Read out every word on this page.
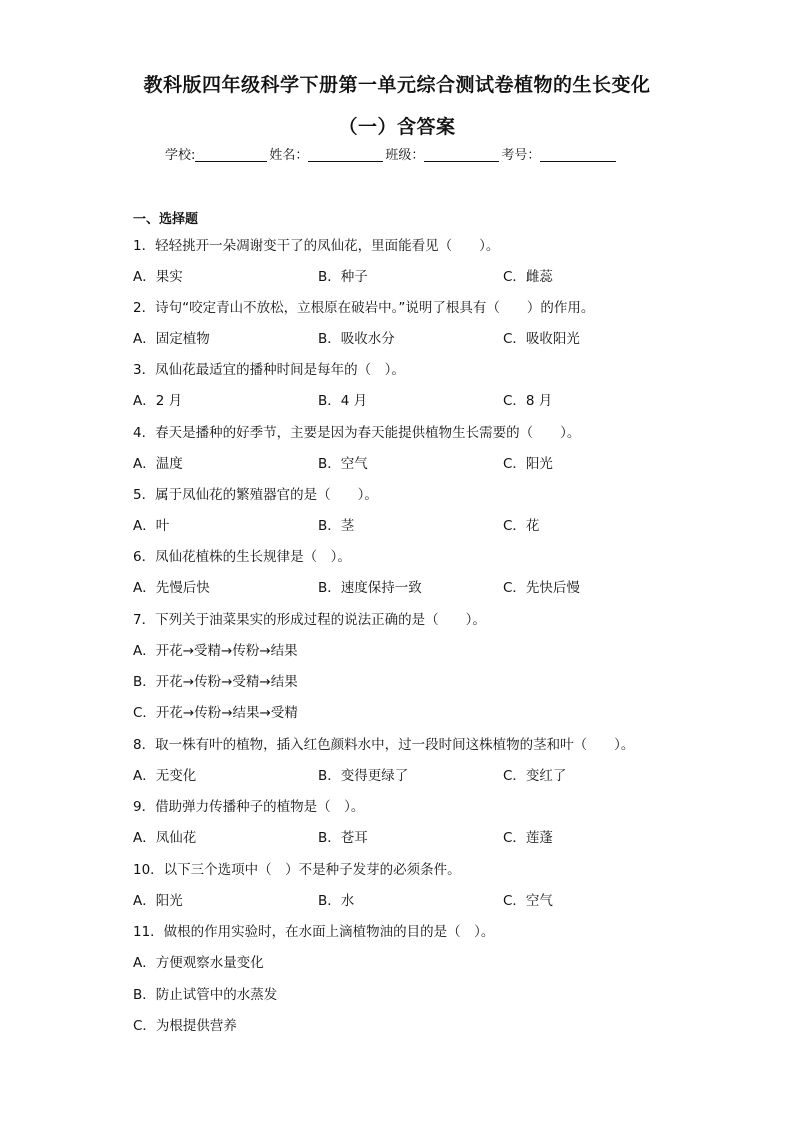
教科版四年级科学下册第一单元综合测试卷植物的生长变化
（一）含答案
学校:	姓名：	班级：	考号：
一、选择题
1．轻轻挑开一朵凋谢变干了的凤仙花，里面能看见（　　）。
A．果实	B．种子	C．雌蕊
2．诗句“咬定青山不放松，立根原在破岩中。”说明了根具有（　　）的作用。
A．固定植物	B．吸收水分	C．吸收阳光
3．凤仙花最适宜的播种时间是每年的（　）。
A．2 月	B．4 月	C．8 月
4．春天是播种的好季节，主要是因为春天能提供植物生长需要的（　　）。
A．温度	B．空气	C．阳光
5．属于凤仙花的繁殖器官的是（　　）。
A．叶	B．茎	C．花
6．凤仙花植株的生长规律是（　）。
A．先慢后快	B．速度保持一致	C．先快后慢
7．下列关于油菜果实的形成过程的说法正确的是（　　）。
A．开花→受精→传粉→结果
B．开花→传粉→受精→结果
C．开花→传粉→结果→受精
8．取一株有叶的植物，插入红色颜料水中，过一段时间这株植物的茎和叶（　　）。
A．无变化	B．变得更绿了	C．变红了
9．借助弹力传播种子的植物是（　）。
A．凤仙花	B．苍耳	C．莲蓬
10．以下三个选项中（　）不是种子发芽的必须条件。
A．阳光	B．水	C．空气
11．做根的作用实验时，在水面上滴植物油的目的是（　）。
A．方便观察水量变化
B．防止试管中的水蒸发
C．为根提供营养
